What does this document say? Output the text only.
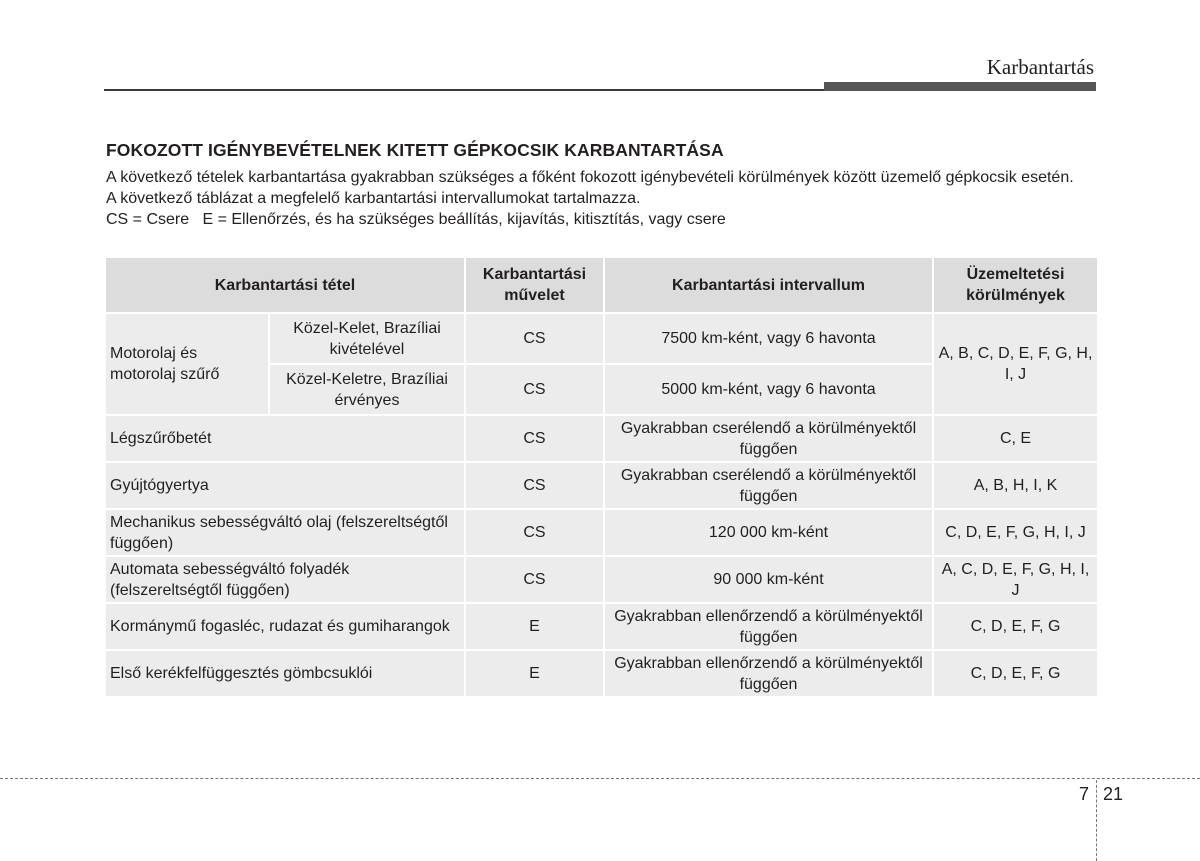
Karbantartás
FOKOZOTT IGÉNYBEVÉTELNEK KITETT GÉPKOCSIK KARBANTARTÁSA

A következő tételek karbantartása gyakrabban szükséges a főként fokozott igénybevételi körülmények között üzemelő gépkocsik esetén.

A következő táblázat a megfelelő karbantartási intervallumokat tartalmazza.

CS = Csere   E = Ellenőrzés, és ha szükséges beállítás, kijavítás, kitisztítás, vagy csere

Karbantartási tétel		Karbantartási művelet	Karbantartási intervallum	Üzemeltetési körülmények
Motorolaj és motorolaj szűrő	Közel-Kelet, Brazíliai kivételével	CS	7500 km-ként, vagy 6 havonta	A, B, C, D, E, F, G, H, I, J
	Közel-Keletre, Brazíliai érvényes	CS	5000 km-ként, vagy 6 havonta	
Légszűrőbetét		CS	Gyakrabban cserélendő a körülményektől függően	C, E
Gyújtógyertya		CS	Gyakrabban cserélendő a körülményektől függően	A, B, H, I, K
Mechanikus sebességváltó olaj (felszereltségtől függően)		CS	120 000 km-ként	C, D, E, F, G, H, I, J
Automata sebességváltó folyadék (felszereltségtől függően)		CS	90 000 km-ként	A, C, D, E, F, G, H, I, J
Kormánymű fogasléc, rudazat és gumiharangok		E	Gyakrabban ellenőrzendő a körülményektől függően	C, D, E, F, G
Első kerékfelfüggesztés gömbcsuklói		E	Gyakrabban ellenőrzendő a körülményektől függően	C, D, E, F, G
7 21
